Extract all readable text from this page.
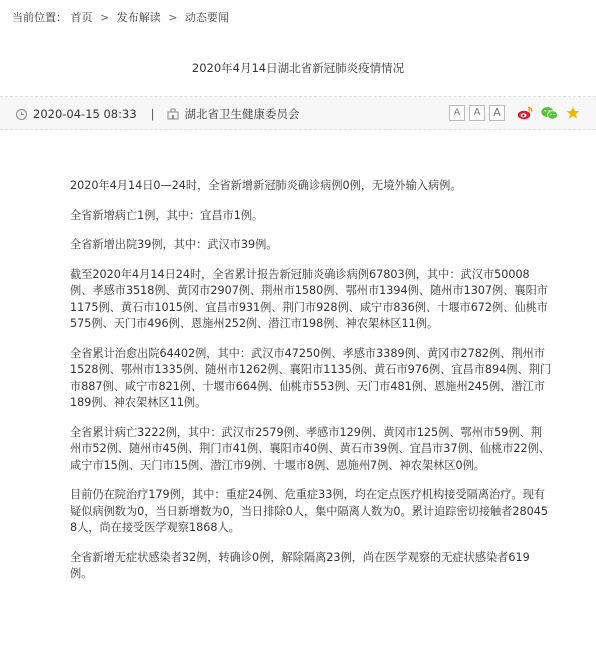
当前位置： 首页 > 发布解读 > 动态要闻
2020年4月14日湖北省新冠肺炎疫情情况
2020-04-15 08:33 |	湖北省卫生健康委员会	A	A	A

2020年4月14日0—24时，全省新增新冠肺炎确诊病例0例，无境外输入病例。

全省新增病亡1例，其中：宜昌市1例。

全省新增出院39例，其中：武汉市39例。

截至2020年4月14日24时，全省累计报告新冠肺炎确诊病例67803例，其中：武汉市50008例、孝感市3518例、黄冈市2907例、荆州市1580例、鄂州市1394例、随州市1307例、襄阳市1175例、黄石市1015例、宜昌市931例、荆门市928例、咸宁市836例、十堰市672例、仙桃市575例、天门市496例、恩施州252例、潜江市198例、神农架林区11例。

全省累计治愈出院64402例，其中：武汉市47250例、孝感市3389例、黄冈市2782例、荆州市1528例、鄂州市1335例、随州市1262例、襄阳市1135例、黄石市976例、宜昌市894例、荆门市887例、咸宁市821例、十堰市664例、仙桃市553例、天门市481例、恩施州245例、潜江市189例、神农架林区11例。

全省累计病亡3222例，其中：武汉市2579例、孝感市129例、黄冈市125例、鄂州市59例、荆州市52例、随州市45例、荆门市41例、襄阳市40例、黄石市39例、宜昌市37例、仙桃市22例、咸宁市15例、天门市15例、潜江市9例、十堰市8例、恩施州7例、神农架林区0例。

目前仍在院治疗179例，其中：重症24例、危重症33例，均在定点医疗机构接受隔离治疗。现有疑似病例数为0，当日新增数为0，当日排除0人，集中隔离人数为0。累计追踪密切接触者280458人，尚在接受医学观察1868人。

全省新增无症状感染者32例，转确诊0例，解除隔离23例，尚在医学观察的无症状感染者619例。
